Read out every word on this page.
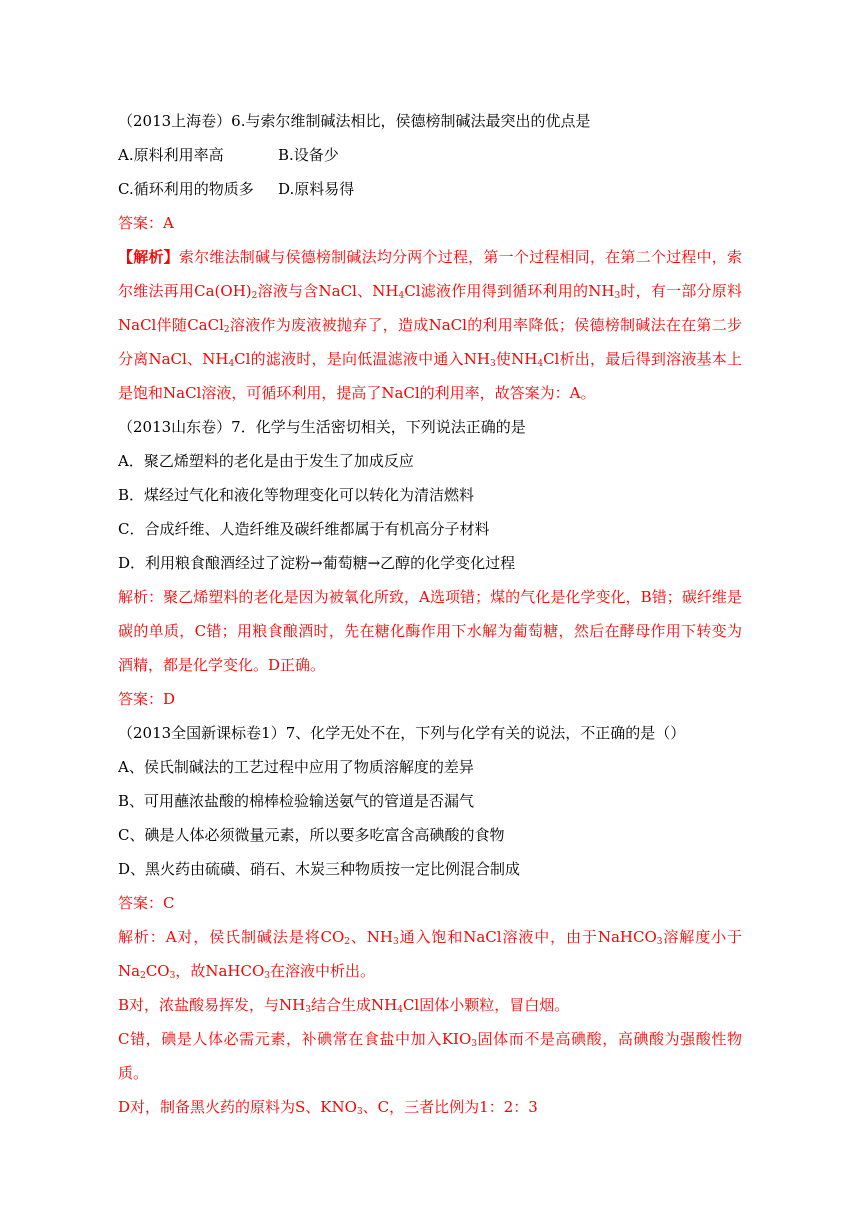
（2013上海卷）6.与索尔维制碱法相比，侯德榜制碱法最突出的优点是
A.原料利用率高	B.设备少
C.循环利用的物质多 D.原料易得
答案：A
【解析】索尔维法制碱与侯德榜制碱法均分两个过程，第一个过程相同，在第二个过程中，索尔维法再用$Ca(OH)_2$溶液与含NaCl、$NH_4Cl$滤液作用得到循环利用的$NH_3$时，有一部分原料NaCl伴随CaCl$_2$溶液作为废液被抛弃了，造成NaCl的利用率降低；侯德榜制碱法在在第二步分离NaCl、$NH_4Cl$的滤液时，是向低温滤液中通入$NH_3$使$NH_4Cl$析出，最后得到溶液基本上是饱和NaCl溶液，可循环利用，提高了NaCl的利用率，故答案为：A。
（2013山东卷）7．化学与生活密切相关，下列说法正确的是
A．聚乙烯塑料的老化是由于发生了加成反应
B．煤经过气化和液化等物理变化可以转化为清洁燃料
C．合成纤维、人造纤维及碳纤维都属于有机高分子材料
D．利用粮食酿酒经过了淀粉→葡萄糖→乙醇的化学变化过程
解析：聚乙烯塑料的老化是因为被氧化所致，A选项错；煤的气化是化学变化，B错；碳纤维是碳的单质，C错；用粮食酿酒时，先在糖化酶作用下水解为葡萄糖，然后在酵母作用下转变为酒精，都是化学变化。D正确。
答案：D
（2013全国新课标卷1）7、化学无处不在，下列与化学有关的说法，不正确的是（）
A、侯氏制碱法的工艺过程中应用了物质溶解度的差异
B、可用蘸浓盐酸的棉棒检验输送氨气的管道是否漏气
C、碘是人体必须微量元素，所以要多吃富含高碘酸的食物
D、黑火药由硫磺、硝石、木炭三种物质按一定比例混合制成
答案：C
解析：A对，侯氏制碱法是将$CO_2$、$NH_3$通入饱和NaCl溶液中，由于NaHCO$_3$溶解度小于$Na_2CO_3$，故NaHCO$_3$在溶液中析出。
B对，浓盐酸易挥发，与$NH_3$结合生成$NH_4Cl$固体小颗粒，冒白烟。
C错，碘是人体必需元素，补碘常在食盐中加入$KIO_3$固体而不是高碘酸，高碘酸为强酸性物质。
D对，制备黑火药的原料为S、$KNO_3$、C，三者比例为1：2：3
